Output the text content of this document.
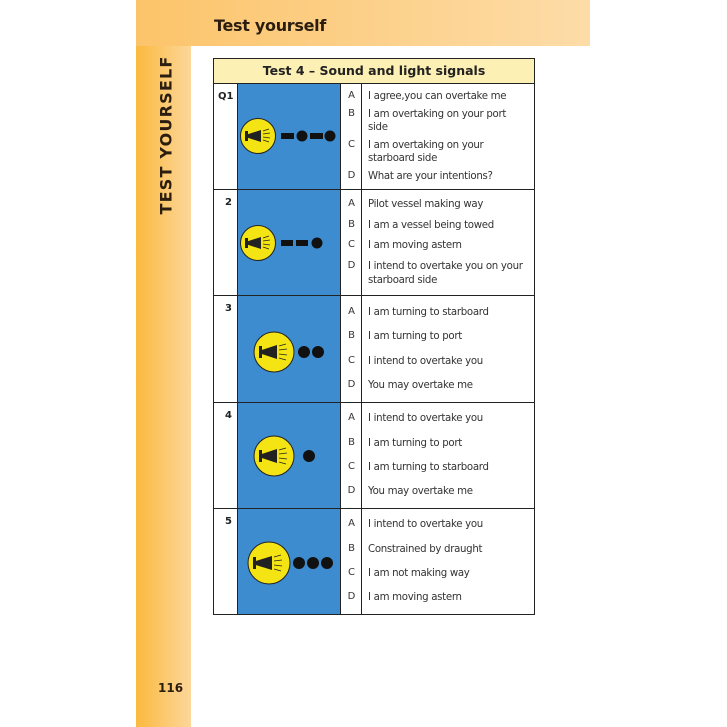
Test yourself
TEST YOURSELF
116
Test 4 – Sound and light signals
Q1	A	I agree,you can overtake me
B	I am overtaking on your port side
C	I am overtaking on your starboard side
D	What are your intentions?
2	A	Pilot vessel making way
B	I am a vessel being towed
C	I am moving astern
D	I intend to overtake you on your starboard side
3	A	I am turning to starboard
B	I am turning to port
C	I intend to overtake you
D	You may overtake me
4	A	I intend to overtake you
B	I am turning to port
C	I am turning to starboard
D	You may overtake me
5	A	I intend to overtake you
B	Constrained by draught
C	I am not making way
D	I am moving astern
